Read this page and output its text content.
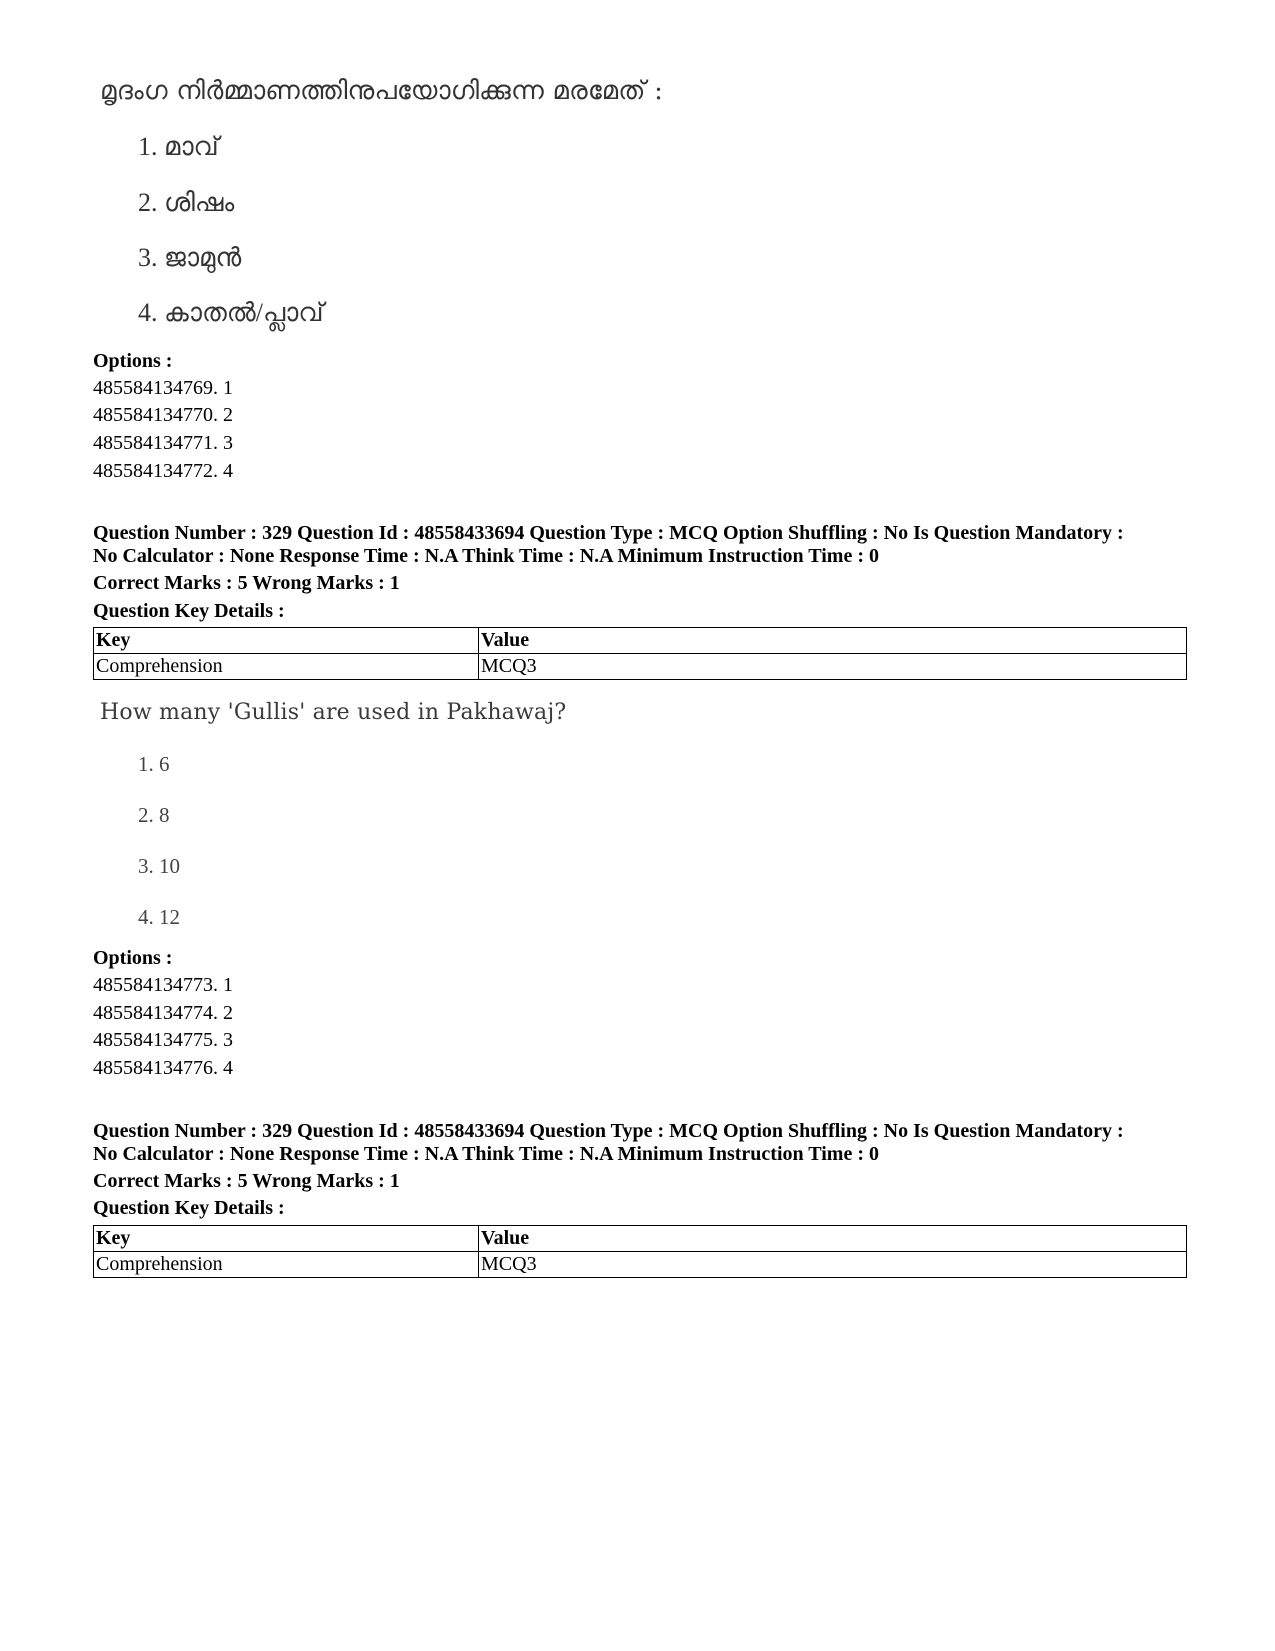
മൃദംഗ നിർമ്മാണത്തിനുപയോഗിക്കുന്ന മരമേത് :
1. മാവ്
2. ശിഷം
3. ജാമുൻ
4. കാതൽ/പ്ലാവ്
Options :
485584134769. 1
485584134770. 2
485584134771. 3
485584134772. 4
Question Number : 329 Question Id : 48558433694 Question Type : MCQ Option Shuffling : No Is Question Mandatory :
No Calculator : None Response Time : N.A Think Time : N.A Minimum Instruction Time : 0
Correct Marks : 5 Wrong Marks : 1
Question Key Details :
Key	Value
Comprehension	MCQ3
How many 'Gullis' are used in Pakhawaj?
1. 6
2. 8
3. 10
4. 12
Options :
485584134773. 1
485584134774. 2
485584134775. 3
485584134776. 4
Question Number : 329 Question Id : 48558433694 Question Type : MCQ Option Shuffling : No Is Question Mandatory :
No Calculator : None Response Time : N.A Think Time : N.A Minimum Instruction Time : 0
Correct Marks : 5 Wrong Marks : 1
Question Key Details :
Key	Value
Comprehension	MCQ3
